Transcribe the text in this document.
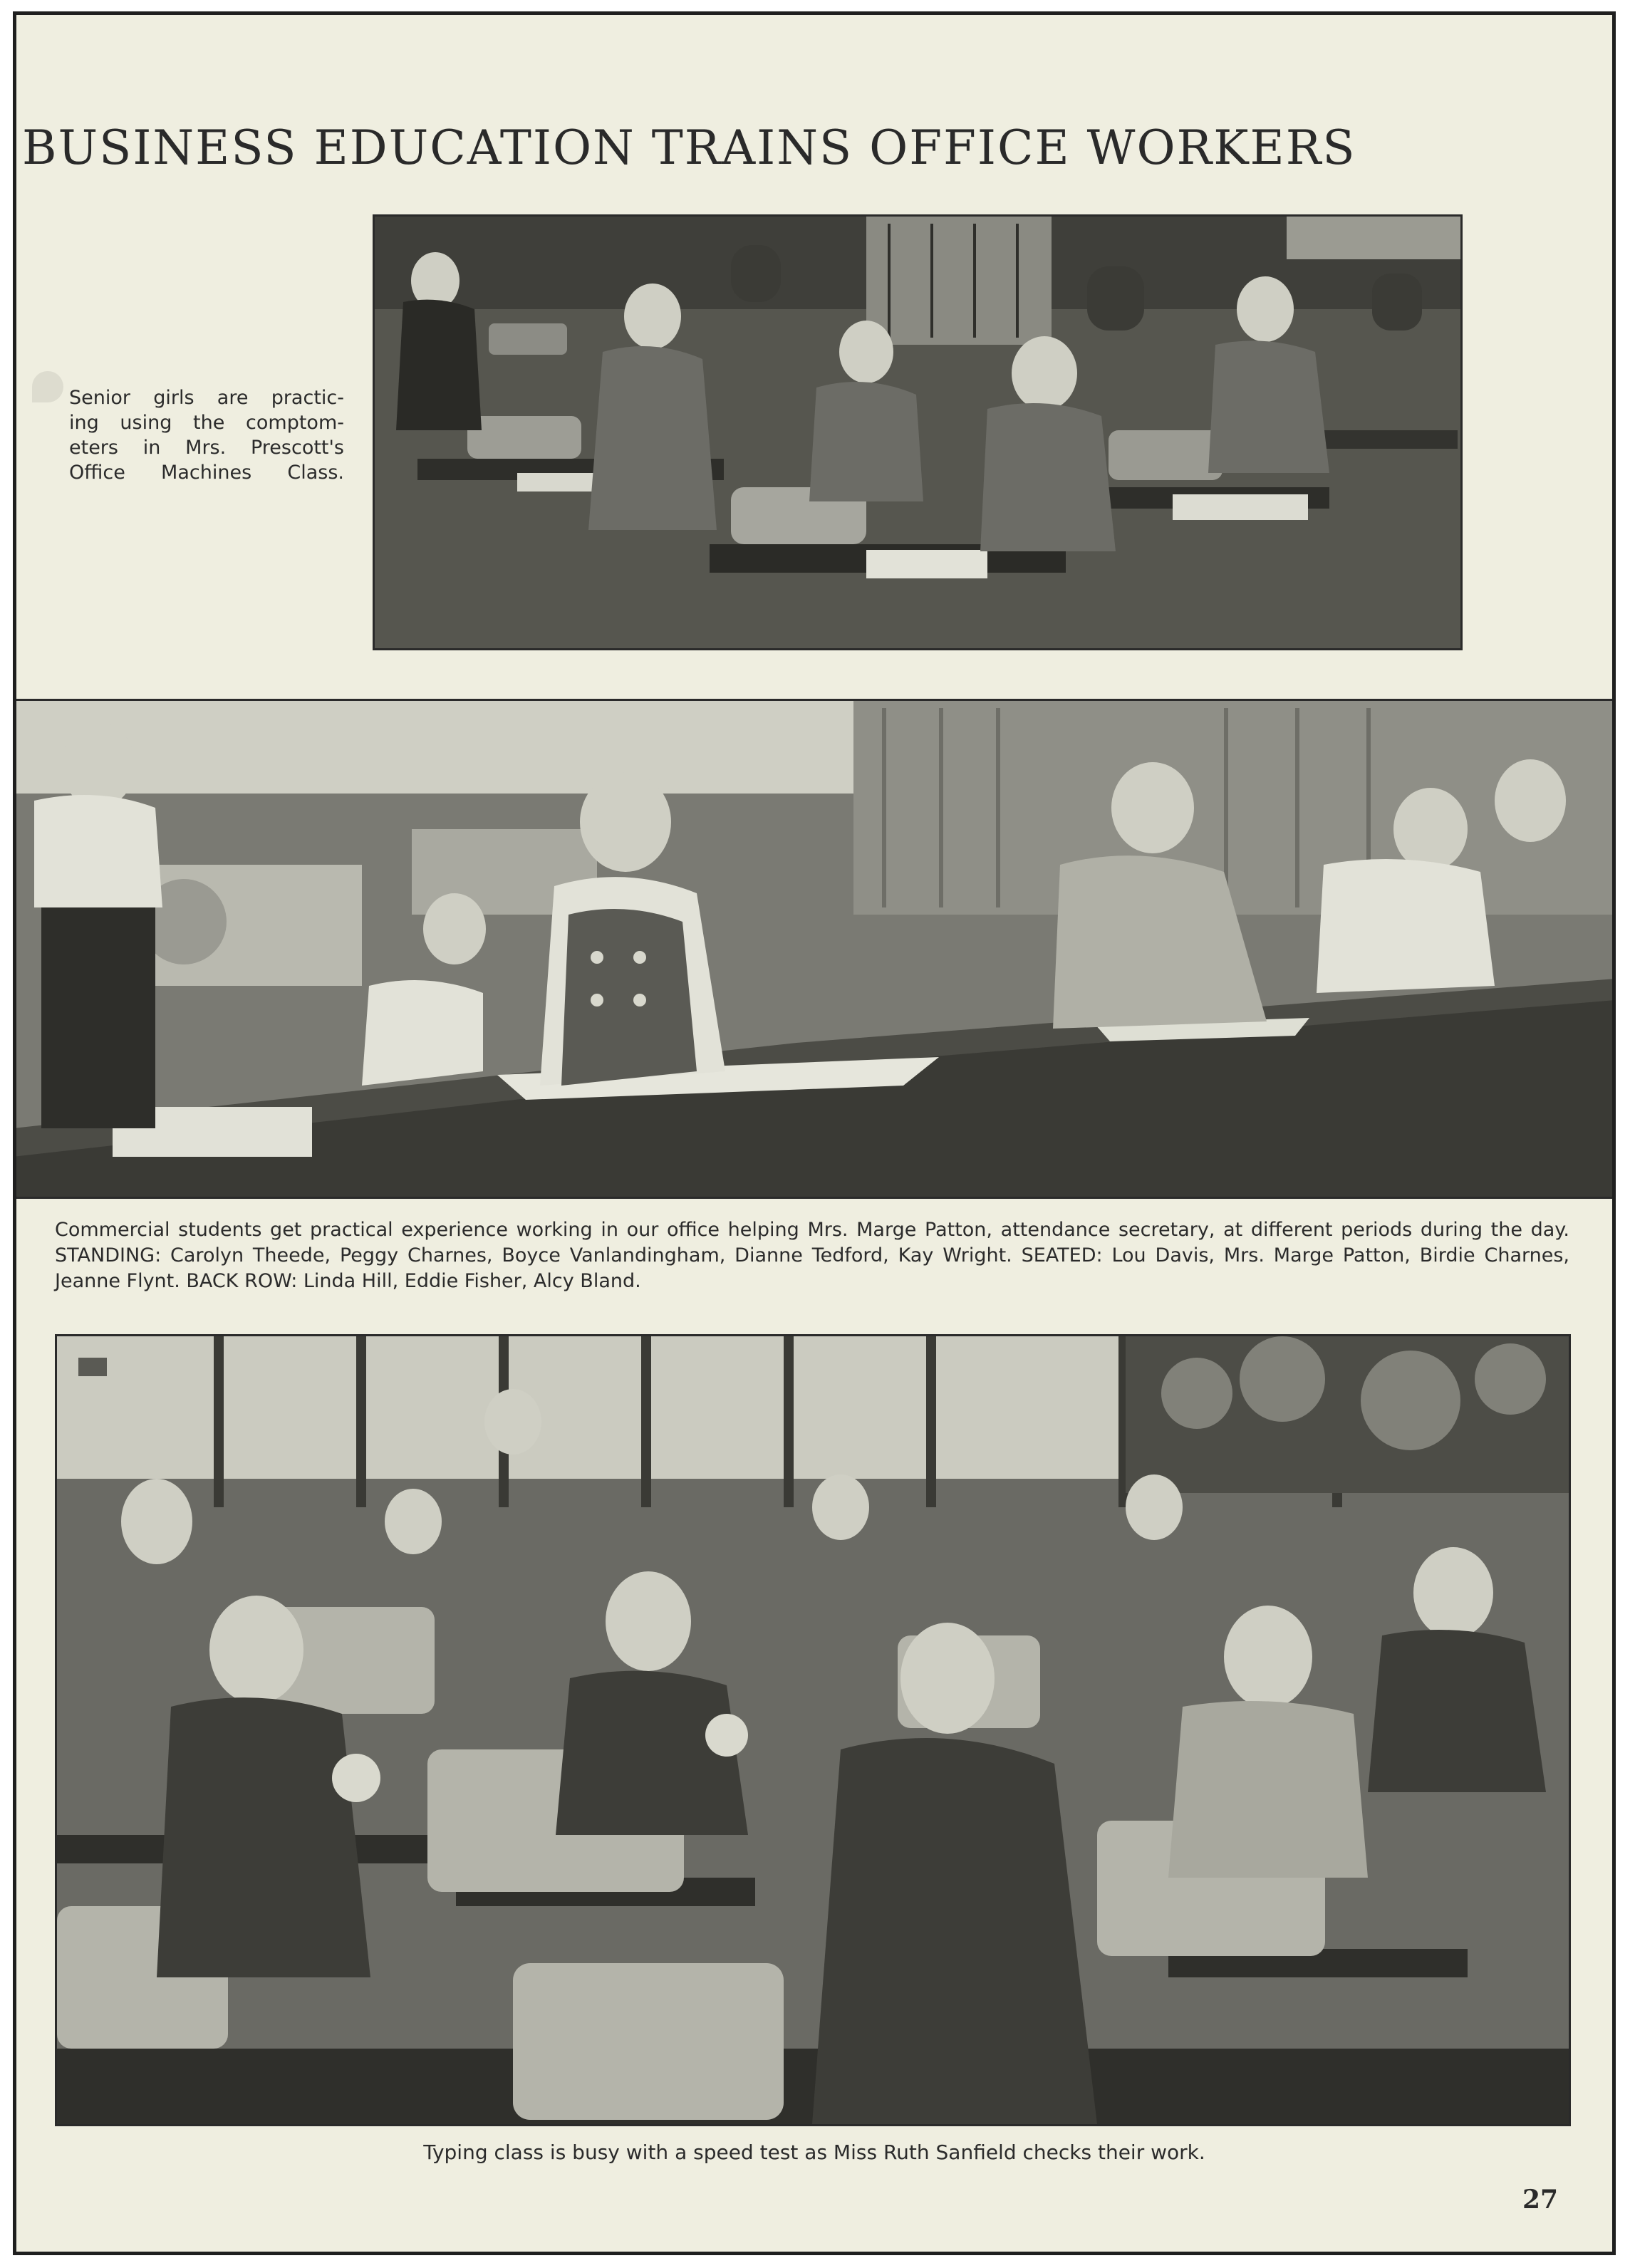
BUSINESS EDUCATION TRAINS OFFICE WORKERS
Senior girls are practic-
ing using the comptom-
eters in Mrs. Prescott's
Office Machines Class.
Commercial students get practical experience working in our office helping Mrs. Marge Patton, attendance secretary, at different periods during the day. STANDING: Carolyn Theede, Peggy Charnes, Boyce Vanlandingham, Dianne Tedford, Kay Wright. SEATED: Lou Davis, Mrs. Marge Patton, Birdie Charnes, Jeanne Flynt. BACK ROW: Linda Hill, Eddie Fisher, Alcy Bland.
Typing class is busy with a speed test as Miss Ruth Sanfield checks their work.
27
